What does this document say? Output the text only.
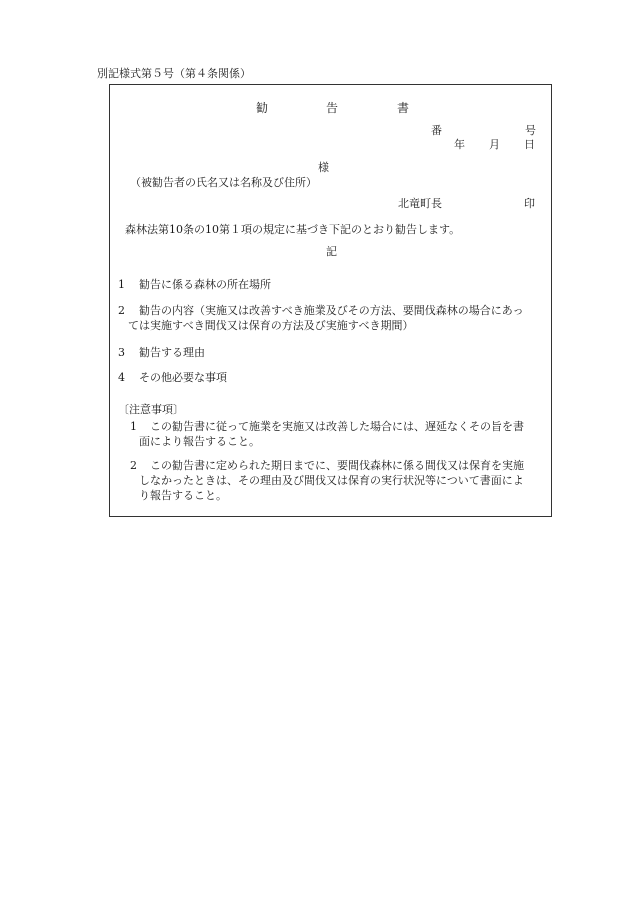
別記様式第５号（第４条関係）
勧	告	書
番	号
年 月 日
様
（被勧告者の氏名又は名称及び住所）
北竜町長	印
森林法第10条の10第１項の規定に基づき下記のとおり勧告します。
記
1 勧告に係る森林の所在場所
2 勧告の内容（実施又は改善すべき施業及びその方法、要間伐森林の場合にあっ
ては実施すべき間伐又は保育の方法及び実施すべき期間）
3 勧告する理由
4 その他必要な事項
〔注意事項〕
1 この勧告書に従って施業を実施又は改善した場合には、遅延なくその旨を書
面により報告すること。
2 この勧告書に定められた期日までに、要間伐森林に係る間伐又は保育を実施
しなかったときは、その理由及び間伐又は保育の実行状況等について書面によ
り報告すること。
